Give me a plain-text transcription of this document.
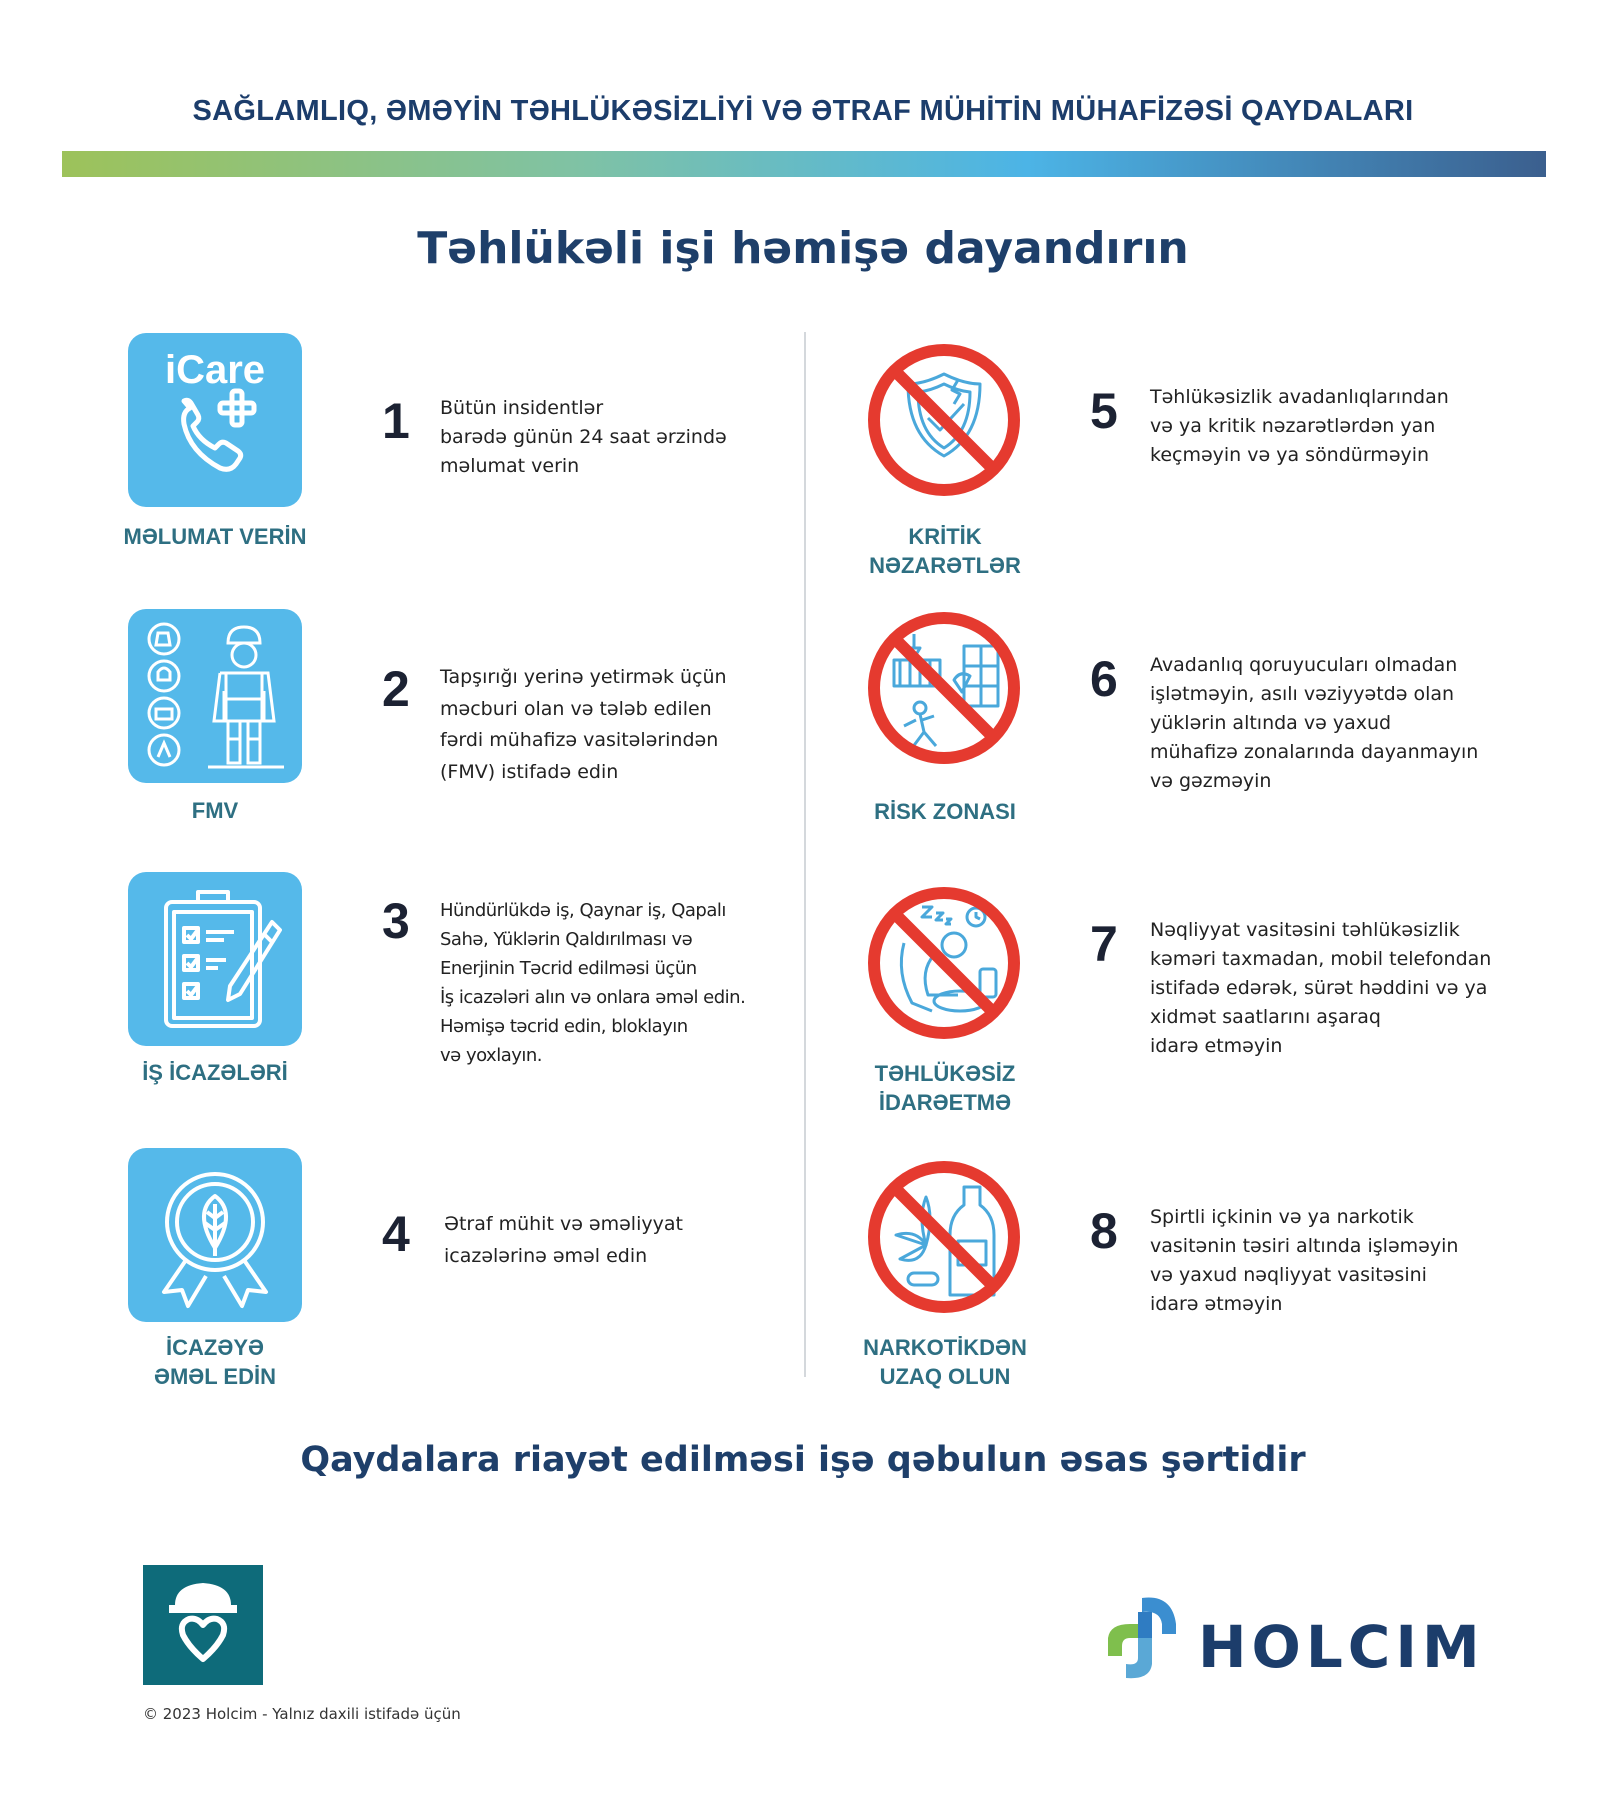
SAĞLAMLIQ, ƏMƏYİN TƏHLÜKƏSİZLİYİ VƏ ƏTRAF MÜHİTİN MÜHAFİZƏSİ QAYDALARI
Təhlükəli işi həmişə dayandırın
iCare
MƏLUMAT VERİN
1 Bütün insidentlər
barədə günün 24 saat ərzində
məlumat verin
FMV
2 Tapşırığı yerinə yetirmək üçün
məcburi olan və tələb edilen
fərdi mühafizə vasitələrindən
(FMV) istifadə edin
İŞ İCAZƏLƏRİ
3 Hündürlükdə iş, Qaynar iş, Qapalı
Sahə, Yüklərin Qaldırılması və
Enerjinin Təcrid edilməsi üçün
İş icazələri alın və onlara əməl edin.
Həmişə təcrid edin, bloklayın
və yoxlayın.
İCAZƏYƏ
ƏMƏL EDİN
4 Ətraf mühit və əməliyyat
icazələrinə əməl edin
KRİTİK
NƏZARƏTLƏR
5 Təhlükəsizlik avadanlıqlarından
və ya kritik nəzarətlərdən yan
keçməyin və ya söndürməyin
RİSK ZONASI
6 Avadanlıq qoruyucuları olmadan
işlətməyin, asılı vəziyyətdə olan
yüklərin altında və yaxud
mühafizə zonalarında dayanmayın
və gəzməyin
TƏHLÜKƏSİZ
İDARƏETMƏ
7 Nəqliyyat vasitəsini təhlükəsizlik
kəməri taxmadan, mobil telefondan
istifadə edərək, sürət həddini və ya
xidmət saatlarını aşaraq
idarə etməyin
NARKOTİKDƏN
UZAQ OLUN
8 Spirtli içkinin və ya narkotik
vasitənin təsiri altında işləməyin
və yaxud nəqliyyat vasitəsini
idarə ətməyin
Qaydalara riayət edilməsi işə qəbulun əsas şərtidir
© 2023 Holcim - Yalnız daxili istifadə üçün
HOLCIM
